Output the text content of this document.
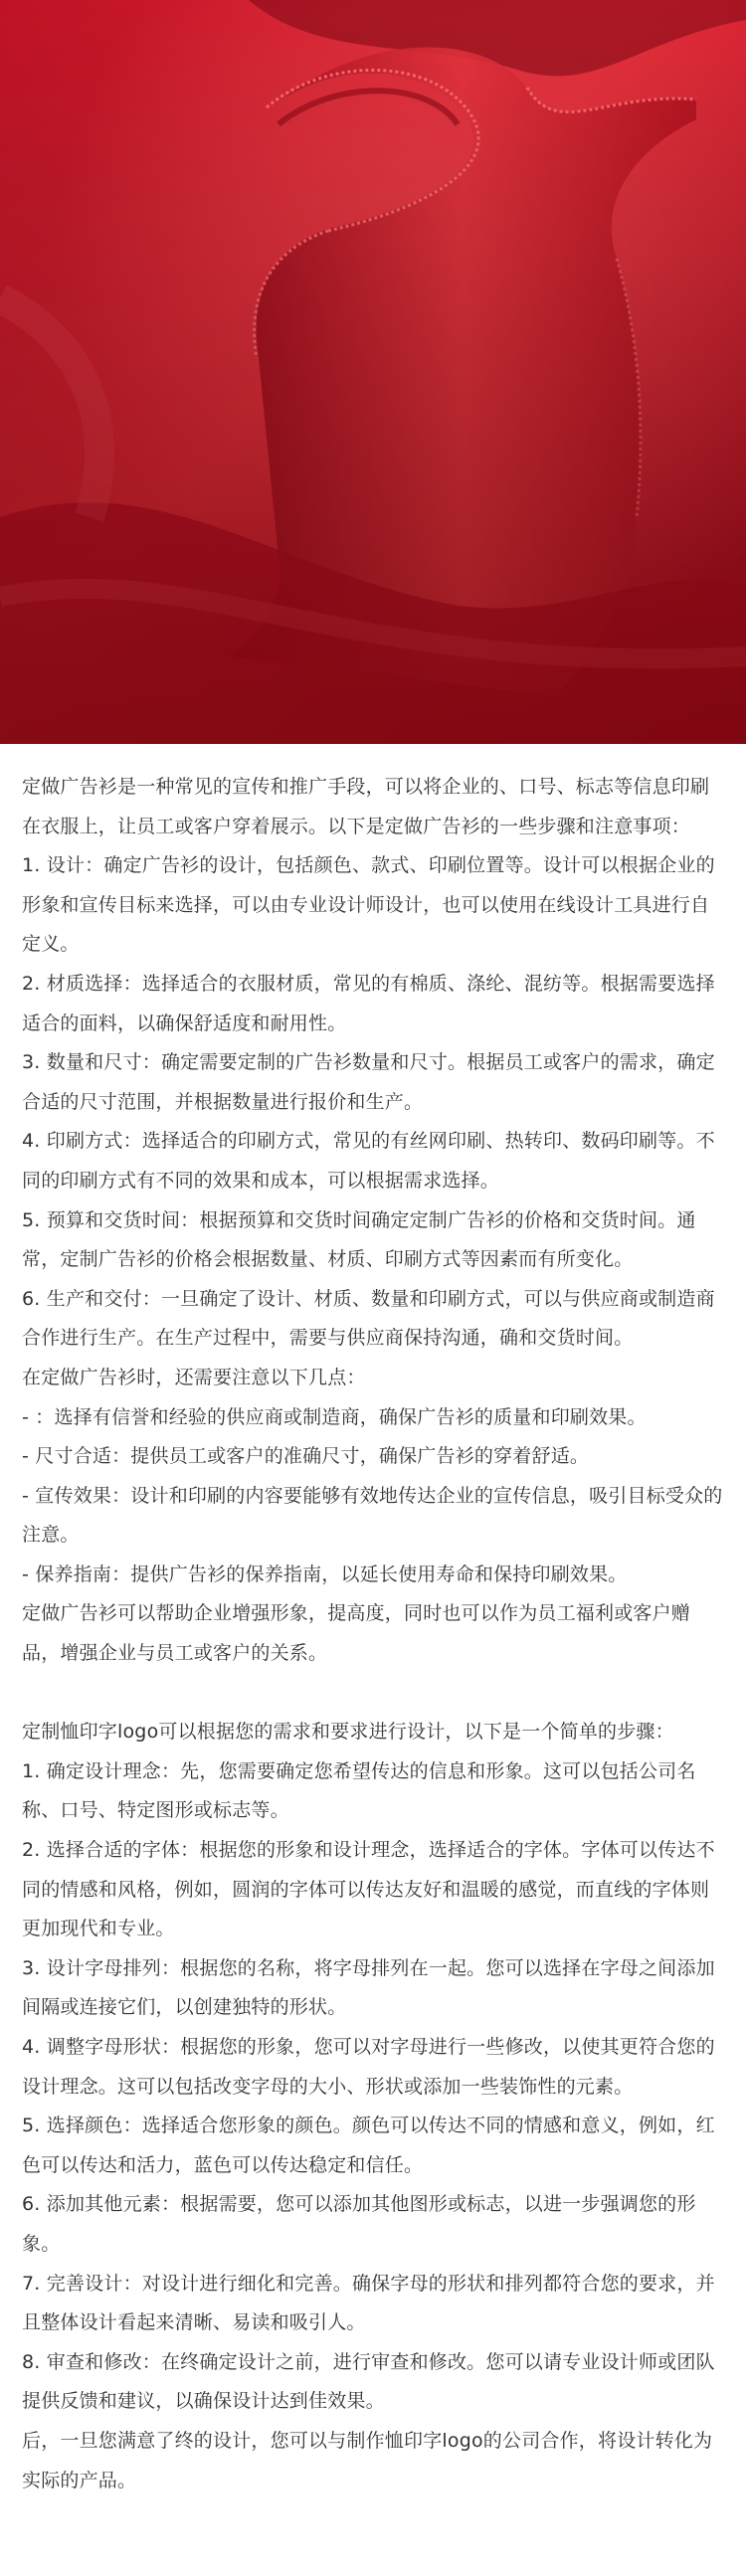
定做广告衫是一种常见的宣传和推广手段，可以将企业的、口号、标志等信息印刷在衣服上，让员工或客户穿着展示。以下是定做广告衫的一些步骤和注意事项：

1. 设计：确定广告衫的设计，包括颜色、款式、印刷位置等。设计可以根据企业的形象和宣传目标来选择，可以由专业设计师设计，也可以使用在线设计工具进行自定义。

2. 材质选择：选择适合的衣服材质，常见的有棉质、涤纶、混纺等。根据需要选择适合的面料，以确保舒适度和耐用性。

3. 数量和尺寸：确定需要定制的广告衫数量和尺寸。根据员工或客户的需求，确定合适的尺寸范围，并根据数量进行报价和生产。

4. 印刷方式：选择适合的印刷方式，常见的有丝网印刷、热转印、数码印刷等。不同的印刷方式有不同的效果和成本，可以根据需求选择。

5. 预算和交货时间：根据预算和交货时间确定定制广告衫的价格和交货时间。通常，定制广告衫的价格会根据数量、材质、印刷方式等因素而有所变化。

6. 生产和交付：一旦确定了设计、材质、数量和印刷方式，可以与供应商或制造商合作进行生产。在生产过程中，需要与供应商保持沟通，确和交货时间。

在定做广告衫时，还需要注意以下几点：

- ：选择有信誉和经验的供应商或制造商，确保广告衫的质量和印刷效果。

- 尺寸合适：提供员工或客户的准确尺寸，确保广告衫的穿着舒适。

- 宣传效果：设计和印刷的内容要能够有效地传达企业的宣传信息，吸引目标受众的注意。

- 保养指南：提供广告衫的保养指南，以延长使用寿命和保持印刷效果。

定做广告衫可以帮助企业增强形象，提高度，同时也可以作为员工福利或客户赠品，增强企业与员工或客户的关系。

定制恤印字logo可以根据您的需求和要求进行设计，以下是一个简单的步骤：

1. 确定设计理念：先，您需要确定您希望传达的信息和形象。这可以包括公司名称、口号、特定图形或标志等。

2. 选择合适的字体：根据您的形象和设计理念，选择适合的字体。字体可以传达不同的情感和风格，例如，圆润的字体可以传达友好和温暖的感觉，而直线的字体则更加现代和专业。

3. 设计字母排列：根据您的名称，将字母排列在一起。您可以选择在字母之间添加间隔或连接它们，以创建独特的形状。

4. 调整字母形状：根据您的形象，您可以对字母进行一些修改，以使其更符合您的设计理念。这可以包括改变字母的大小、形状或添加一些装饰性的元素。

5. 选择颜色：选择适合您形象的颜色。颜色可以传达不同的情感和意义，例如，红色可以传达和活力，蓝色可以传达稳定和信任。

6. 添加其他元素：根据需要，您可以添加其他图形或标志，以进一步强调您的形象。

7. 完善设计：对设计进行细化和完善。确保字母的形状和排列都符合您的要求，并且整体设计看起来清晰、易读和吸引人。

8. 审查和修改：在终确定设计之前，进行审查和修改。您可以请专业设计师或团队提供反馈和建议，以确保设计达到佳效果。

后，一旦您满意了终的设计，您可以与制作恤印字logo的公司合作，将设计转化为实际的产品。
